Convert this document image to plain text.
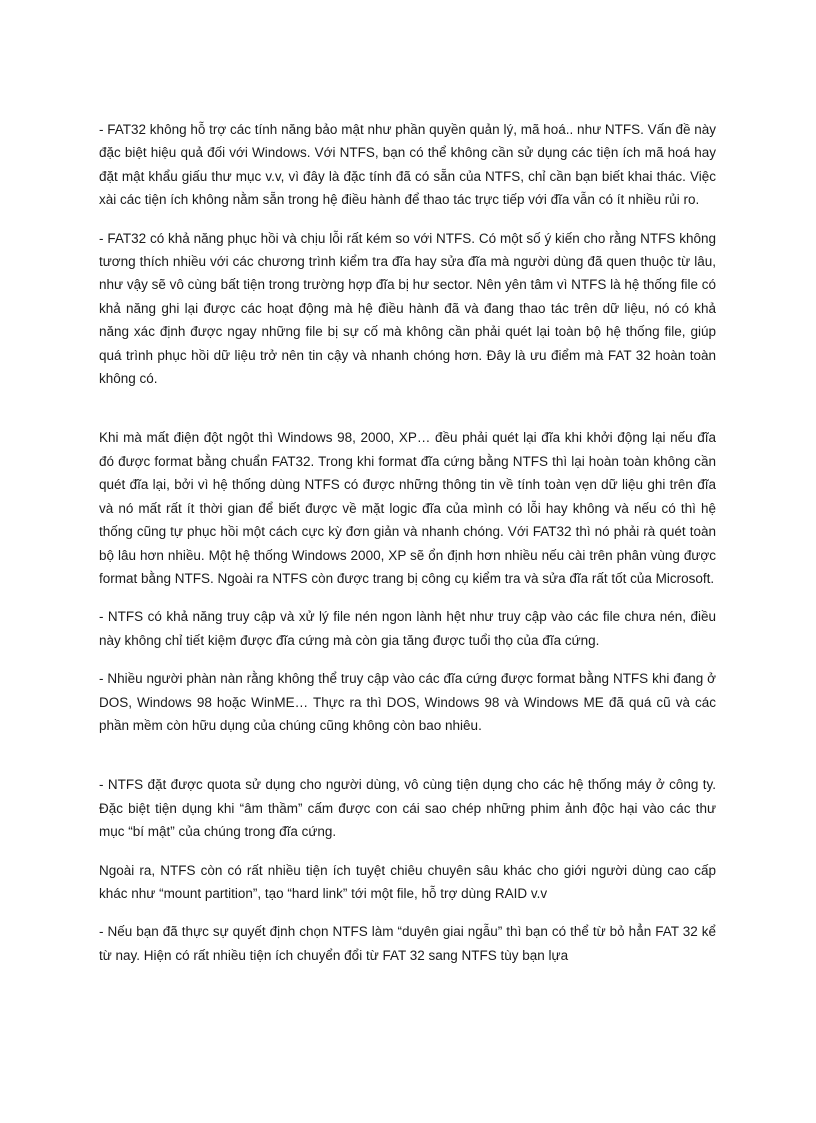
- FAT32 không hỗ trợ các tính năng bảo mật như phần quyền quản lý, mã hoá.. như NTFS. Vấn đề này đặc biệt hiệu quả đối với Windows. Với NTFS, bạn có thể không cần sử dụng các tiện ích mã hoá hay đặt mật khẩu giấu thư mục v.v, vì đây là đặc tính đã có sẵn của NTFS, chỉ cần bạn biết khai thác. Việc xài các tiện ích không nằm sẵn trong hệ điều hành để thao tác trực tiếp với đĩa vẫn có ít nhiều rủi ro.

- FAT32 có khả năng phục hồi và chịu lỗi rất kém so với NTFS. Có một số ý kiến cho rằng NTFS không tương thích nhiều với các chương trình kiểm tra đĩa hay sửa đĩa mà người dùng đã quen thuộc từ lâu, như vậy sẽ vô cùng bất tiện trong trường hợp đĩa bị hư sector. Nên yên tâm vì NTFS là hệ thống file có khả năng ghi lại được các hoạt động mà hệ điều hành đã và đang thao tác trên dữ liệu, nó có khả năng xác định được ngay những file bị sự cố mà không cần phải quét lại toàn bộ hệ thống file, giúp quá trình phục hồi dữ liệu trở nên tin cậy và nhanh chóng hơn. Đây là ưu điểm mà FAT 32 hoàn toàn không có.

Khi mà mất điện đột ngột thì Windows 98, 2000, XP… đều phải quét lại đĩa khi khởi động lại nếu đĩa đó được format bằng chuẩn FAT32. Trong khi format đĩa cứng bằng NTFS thì lại hoàn toàn không cần quét đĩa lại, bởi vì hệ thống dùng NTFS có được những thông tin về tính toàn vẹn dữ liệu ghi trên đĩa và nó mất rất ít thời gian để biết được về mặt logic đĩa của mình có lỗi hay không và nếu có thì hệ thống cũng tự phục hồi một cách cực kỳ đơn giản và nhanh chóng. Với FAT32 thì nó phải rà quét toàn bộ lâu hơn nhiều. Một hệ thống Windows 2000, XP sẽ ổn định hơn nhiều nếu cài trên phân vùng được format bằng NTFS. Ngoài ra NTFS còn được trang bị công cụ kiểm tra và sửa đĩa rất tốt của Microsoft.

- NTFS có khả năng truy cập và xử lý file nén ngon lành hệt như truy cập vào các file chưa nén, điều này không chỉ tiết kiệm được đĩa cứng mà còn gia tăng được tuổi thọ của đĩa cứng.

- Nhiều người phàn nàn rằng không thể truy cập vào các đĩa cứng được format bằng NTFS khi đang ở DOS, Windows 98 hoặc WinME… Thực ra thì DOS, Windows 98 và Windows ME đã quá cũ và các phần mềm còn hữu dụng của chúng cũng không còn bao nhiêu.

- NTFS đặt được quota sử dụng cho người dùng, vô cùng tiện dụng cho các hệ thống máy ở công ty. Đặc biệt tiện dụng khi “âm thầm” cấm được con cái sao chép những phim ảnh độc hại vào các thư mục “bí mật” của chúng trong đĩa cứng.

Ngoài ra, NTFS còn có rất nhiều tiện ích tuyệt chiêu chuyên sâu khác cho giới người dùng cao cấp khác như “mount partition”, tạo “hard link” tới một file, hỗ trợ dùng RAID v.v

- Nếu bạn đã thực sự quyết định chọn NTFS làm “duyên giai ngẫu” thì bạn có thể từ bỏ hẳn FAT 32 kể từ nay. Hiện có rất nhiều tiện ích chuyển đổi từ FAT 32 sang NTFS tùy bạn lựa
